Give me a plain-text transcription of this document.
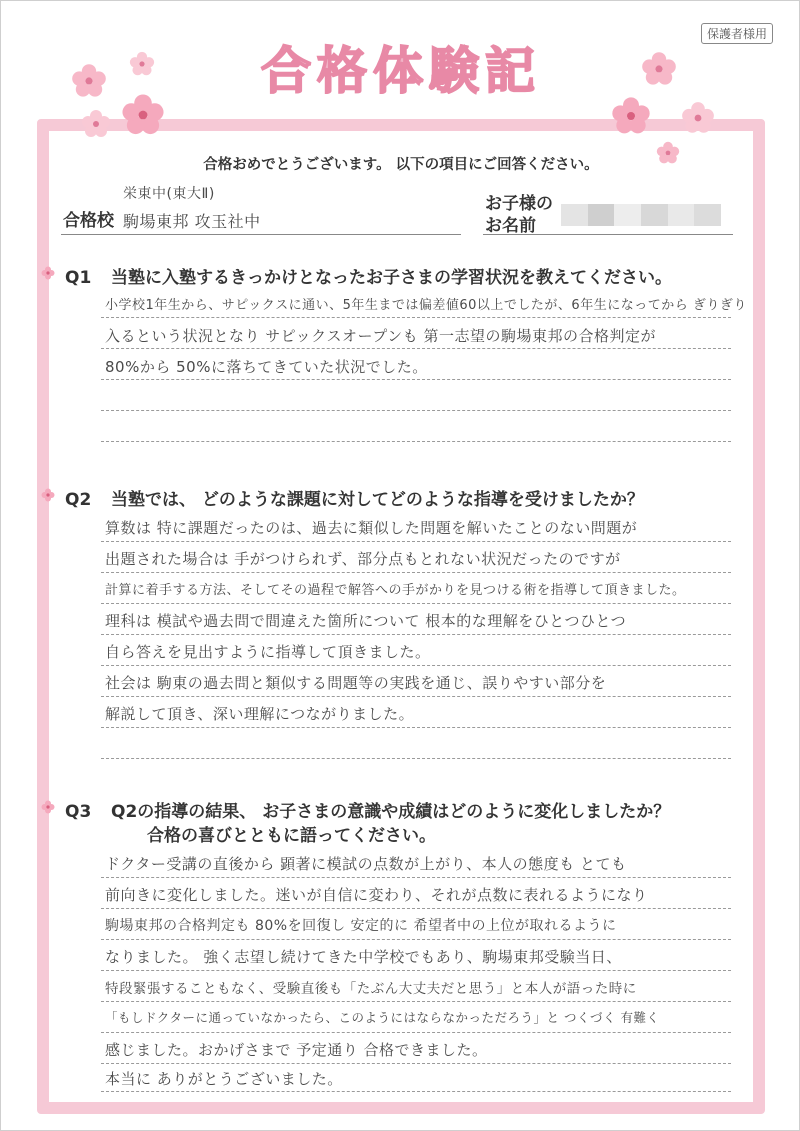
合格体験記
保護者様用
合格おめでとうございます。 以下の項目にご回答ください。
合格校
栄東中(東大Ⅱ)
駒場東邦 攻玉社中
お子様の
お名前
Q1 当塾に入塾するきっかけとなったお子さまの学習状況を教えてください。
小学校1年生から、サピックスに通い、5年生までは偏差値60以上でしたが、6年生になってから ぎりぎり
入るという状況となり サピックスオープンも 第一志望の駒場東邦の合格判定が
80%から 50%に落ちてきていた状況でした。
Q2 当塾では、 どのような課題に対してどのような指導を受けましたか？
算数は 特に課題だったのは、過去に類似した問題を解いたことのない問題が
出題された場合は 手がつけられず、部分点もとれない状況だったのですが
計算に着手する方法、そしてその過程で解答への手がかりを見つける術を指導して頂きました。
理科は 模試や過去問で間違えた箇所について 根本的な理解をひとつひとつ
自ら答えを見出すように指導して頂きました。
社会は 駒東の過去問と類似する問題等の実践を通じ、誤りやすい部分を
解説して頂き、深い理解につながりました。
Q3 Q2の指導の結果、 お子さまの意識や成績はどのように変化しましたか？
合格の喜びとともに語ってください。
ドクター受講の直後から 顕著に模試の点数が上がり、本人の態度も とても
前向きに変化しました。迷いが自信に変わり、それが点数に表れるようになり
駒場東邦の合格判定も 80%を回復し 安定的に 希望者中の上位が取れるように
なりました。 強く志望し続けてきた中学校でもあり、駒場東邦受験当日、
特段緊張することもなく、受験直後も「たぶん大丈夫だと思う」と本人が語った時に
「もしドクターに通っていなかったら、このようにはならなかっただろう」と つくづく 有難く
感じました。おかげさまで 予定通り 合格できました。
本当に ありがとうございました。
